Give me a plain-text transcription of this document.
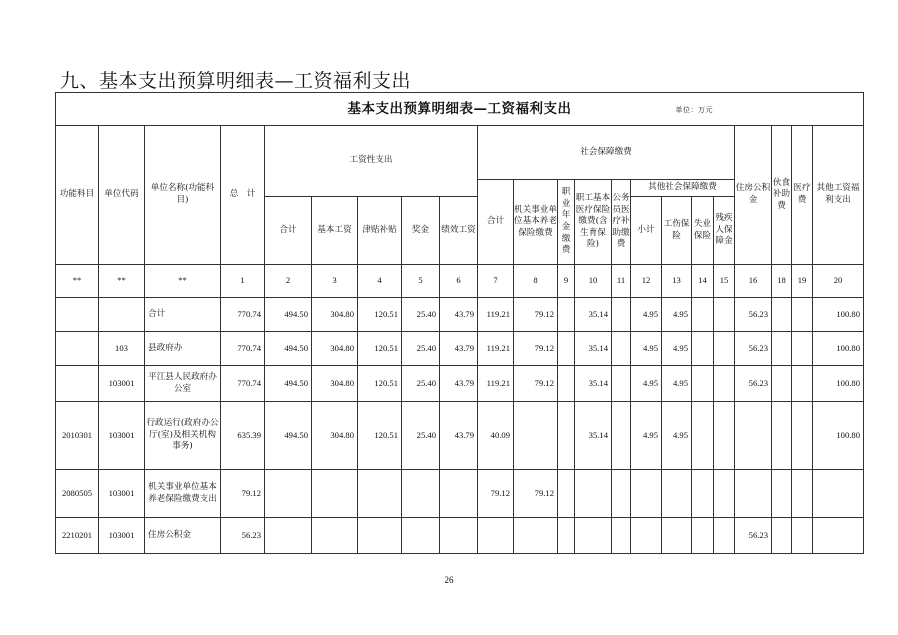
九、基本支出预算明细表—工资福利支出
基本支出预算明细表—工资福利支出 单位：万元																					

功能科目	单位代码	单位名称(功能科目)	总　计	工资性支出					社会保障缴费									住房公积金	伙食补助费	医疗费	其他工资福利支出
									合计	机关事业单位基本养老保险缴费	职业年金缴费	职工基本医疗保险缴费(含生育保险)	公务员医疗补助缴费	其他社会保障缴费							
				合计	基本工资	津贴补贴	奖金	绩效工资						小计	工伤保险	失业保险	残疾人保障金				
**	**	**	1	2	3	4	5	6	7	8	9	10	11	12	13	14	15	16	18	19	20
		合计	770.74	494.50	304.80	120.51	25.40	43.79	119.21	79.12		35.14		4.95	4.95			56.23			100.80
	103	县政府办	770.74	494.50	304.80	120.51	25.40	43.79	119.21	79.12		35.14		4.95	4.95			56.23			100.80
	103001	平江县人民政府办公室	770.74	494.50	304.80	120.51	25.40	43.79	119.21	79.12		35.14		4.95	4.95			56.23			100.80
2010301	103001	行政运行(政府办公厅(室)及相关机构事务)	635.39	494.50	304.80	120.51	25.40	43.79	40.09			35.14		4.95	4.95						100.80
2080505	103001	机关事业单位基本养老保险缴费支出	79.12						79.12	79.12											
2210201	103001	住房公积金	56.23															56.23			
26
